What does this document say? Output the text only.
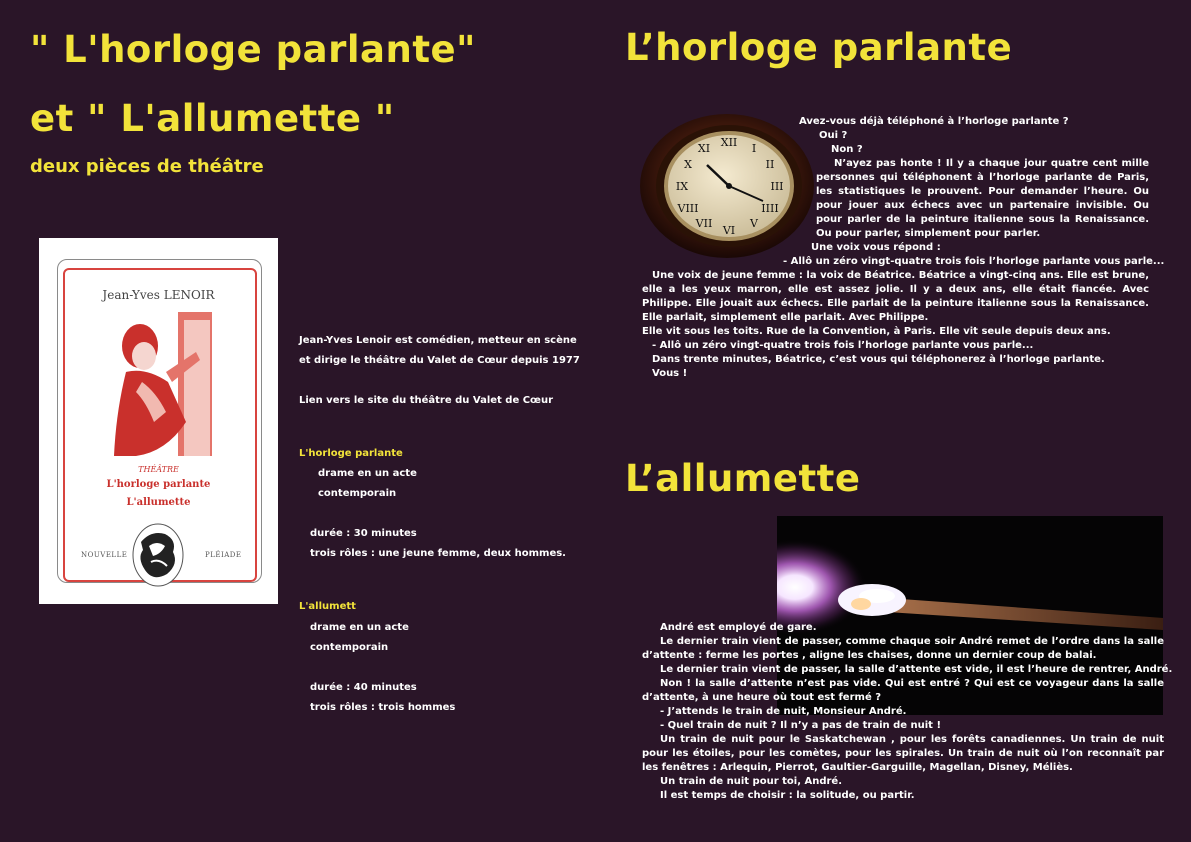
" L'horloge parlante"
et " L'allumette "
deux pièces de théâtre
Jean-Yves LENOIR
THÉÂTRE
L'horloge parlante
L'allumette
NOUVELLE	PLÉIADE
Jean-Yves Lenoir est comédien, metteur en scène
et dirige le théâtre du Valet de Cœur depuis 1977
Lien vers le site du théâtre du Valet de Cœur
L'horloge parlante
drame en un acte
contemporain
durée : 30 minutes
trois rôles : une jeune femme, deux hommes.
L'allumett
drame en un acte
contemporain
durée : 40 minutes
trois rôles : trois hommes
L’horloge parlante
XII I
II
III
IIII
V
VI
VII
VIII
IX
X
XI
Avez-vous déjà téléphoné à l’horloge parlante ?
Oui ?
Non ?
N’ayez pas honte ! Il y a chaque jour quatre cent mille personnes qui téléphonent à l’horloge parlante de Paris, les statistiques le prouvent. Pour demander l’heure. Ou pour jouer aux échecs avec un partenaire invisible. Ou pour parler de la peinture italienne sous la Renaissance. Ou pour parler, simplement pour parler.
Une voix vous répond :
- Allô un zéro vingt-quatre trois fois l’horloge parlante vous parle...
Une voix de jeune femme : la voix de Béatrice. Béatrice a vingt-cinq ans. Elle est brune, elle a les yeux marron, elle est assez jolie. Il y a deux ans, elle était fiancée. Avec Philippe. Elle jouait aux échecs. Elle parlait de la peinture italienne sous la Renaissance. Elle parlait, simplement elle parlait. Avec Philippe.
Elle vit sous les toits. Rue de la Convention, à Paris. Elle vit seule depuis deux ans.
- Allô un zéro vingt-quatre trois fois l’horloge parlante vous parle...
Dans trente minutes, Béatrice, c’est vous qui téléphonerez à l’horloge parlante.
Vous !
L’allumette
André est employé de gare.
Le dernier train vient de passer, comme chaque soir André remet de l’ordre dans la salle d’attente : ferme les portes , aligne les chaises, donne un dernier coup de balai.
Le dernier train vient de passer, la salle d’attente est vide, il est l’heure de rentrer, André.
Non ! la salle d’attente n’est pas vide. Qui est entré ? Qui est ce voyageur dans la salle d’attente, à une heure où tout est fermé ?
- J’attends le train de nuit, Monsieur André.
- Quel train de nuit ? Il n’y a pas de train de nuit !
Un train de nuit pour le Saskatchewan , pour les forêts canadiennes. Un train de nuit pour les étoiles, pour les comètes, pour les spirales. Un train de nuit où l’on reconnaît par les fenêtres : Arlequin, Pierrot, Gaultier-Garguille, Magellan, Disney, Méliès.
Un train de nuit pour toi, André.
Il est temps de choisir : la solitude, ou partir.
